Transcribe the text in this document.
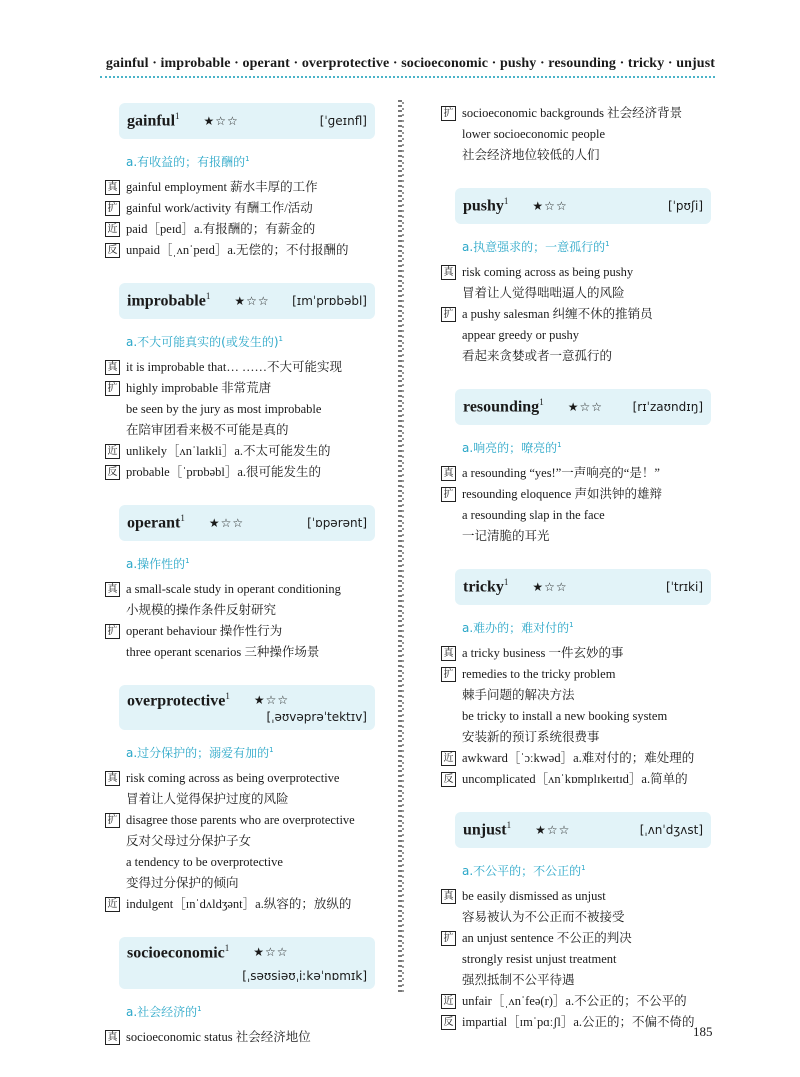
gainful · improbable · operant · overprotective · socioeconomic · pushy · resounding · tricky · unjust
gainful$^1$ ★☆☆	[ˈɡeɪnfl]
a.有收益的；有报酬的$^1$
真 gainful employment 薪水丰厚的工作
扩 gainful work/activity 有酬工作/活动
近 paid［peɪd］a.有报酬的；有薪金的
反 unpaid［ˌʌnˈpeɪd］a.无偿的；不付报酬的
improbable$^1$ ★☆☆ [ɪmˈprɒbəbl]
a.不大可能真实的(或发生的)$^1$
真 it is improbable that… ……不大可能实现
扩 highly improbable 非常荒唐
be seen by the jury as most improbable
在陪审团看来极不可能是真的
近 unlikely［ʌnˈlaɪkli］a.不太可能发生的
反 probable［ˈprɒbəbl］a.很可能发生的
operant$^1$ ★☆☆	[ˈɒpərənt]
a.操作性的$^1$
真 a small-scale study in operant conditioning
小规模的操作条件反射研究
扩 operant behaviour 操作性行为
three operant scenarios 三种操作场景
overprotective$^1$ ★☆☆
[ˌəʊvəprəˈtektɪv]
a.过分保护的；溺爱有加的$^1$
真 risk coming across as being overprotective
冒着让人觉得保护过度的风险
扩 disagree those parents who are overprotective
反对父母过分保护子女
a tendency to be overprotective
变得过分保护的倾向
近 indulgent［ɪnˈdʌldʒənt］a.纵容的；放纵的
socioeconomic$^1$ ★☆☆
[ˌsəʊsiəʊˌiːkəˈnɒmɪk]
a.社会经济的$^1$
真 socioeconomic status 社会经济地位
扩 socioeconomic backgrounds 社会经济背景
lower socioeconomic people
社会经济地位较低的人们
pushy$^1$ ★☆☆	[ˈpʊʃi]
a.执意强求的；一意孤行的$^1$
真 risk coming across as being pushy
冒着让人觉得咄咄逼人的风险
扩 a pushy salesman 纠缠不休的推销员
appear greedy or pushy
看起来贪婪或者一意孤行的
resounding$^1$ ★☆☆ [rɪˈzaʊndɪŋ]
a.响亮的；嘹亮的$^1$
真 a resounding “yes!”一声响亮的“是！”
扩 resounding eloquence 声如洪钟的雄辩
a resounding slap in the face
一记清脆的耳光
tricky$^1$ ★☆☆	[ˈtrɪki]
a.难办的；难对付的$^1$
真 a tricky business 一件玄妙的事
扩 remedies to the tricky problem
棘手问题的解决方法
be tricky to install a new booking system
安装新的预订系统很费事
近 awkward［ˈɔːkwəd］a.难对付的；难处理的
反 uncomplicated［ʌnˈkɒmplɪkeɪtɪd］a.简单的
unjust$^1$ ★☆☆	[ˌʌnˈdʒʌst]
a.不公平的；不公正的$^1$
真 be easily dismissed as unjust
容易被认为不公正而不被接受
扩 an unjust sentence 不公正的判决
strongly resist unjust treatment
强烈抵制不公平待遇
近 unfair［ˌʌnˈfeə(r)］a.不公正的；不公平的
反 impartial［ɪmˈpɑːʃl］a.公正的；不偏不倚的
185
